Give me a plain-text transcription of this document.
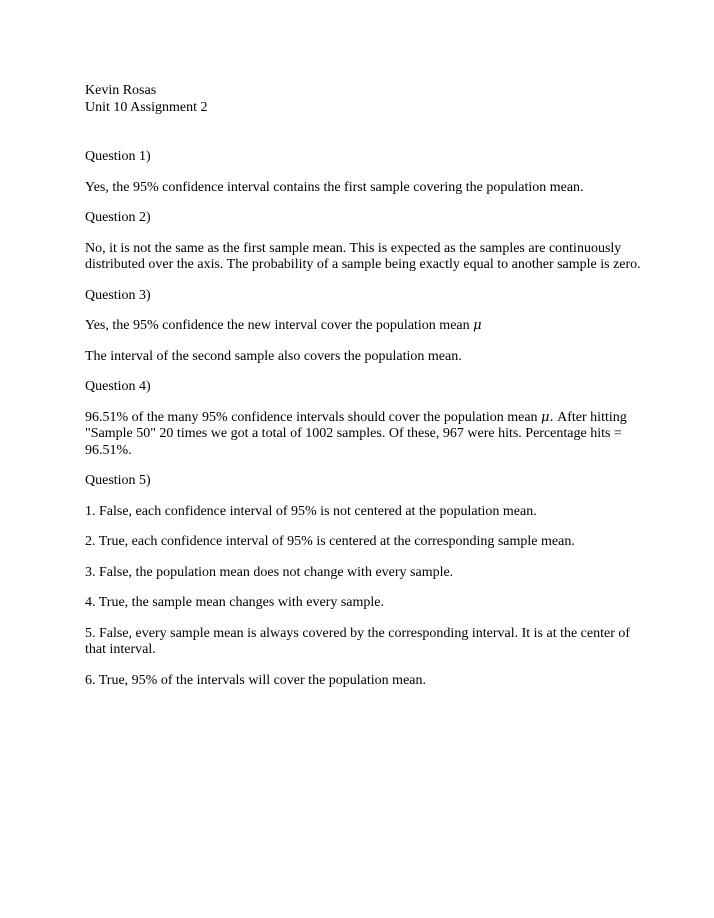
Kevin Rosas

Unit 10 Assignment 2

Question 1)

Yes, the 95% confidence interval contains the first sample covering the population mean.

Question 2)

No, it is not the same as the first sample mean. This is expected as the samples are continuously distributed over the axis. The probability of a sample being exactly equal to another sample is zero.

Question 3)

Yes, the 95% confidence the new interval cover the population mean μ

The interval of the second sample also covers the population mean.

Question 4)

96.51% of the many 95% confidence intervals should cover the population mean μ. After hitting "Sample 50" 20 times we got a total of 1002 samples. Of these, 967 were hits. Percentage hits = 96.51%.

Question 5)

1. False, each confidence interval of 95% is not centered at the population mean.

2. True, each confidence interval of 95% is centered at the corresponding sample mean.

3. False, the population mean does not change with every sample.

4. True, the sample mean changes with every sample.

5. False, every sample mean is always covered by the corresponding interval. It is at the center of that interval.

6. True, 95% of the intervals will cover the population mean.
